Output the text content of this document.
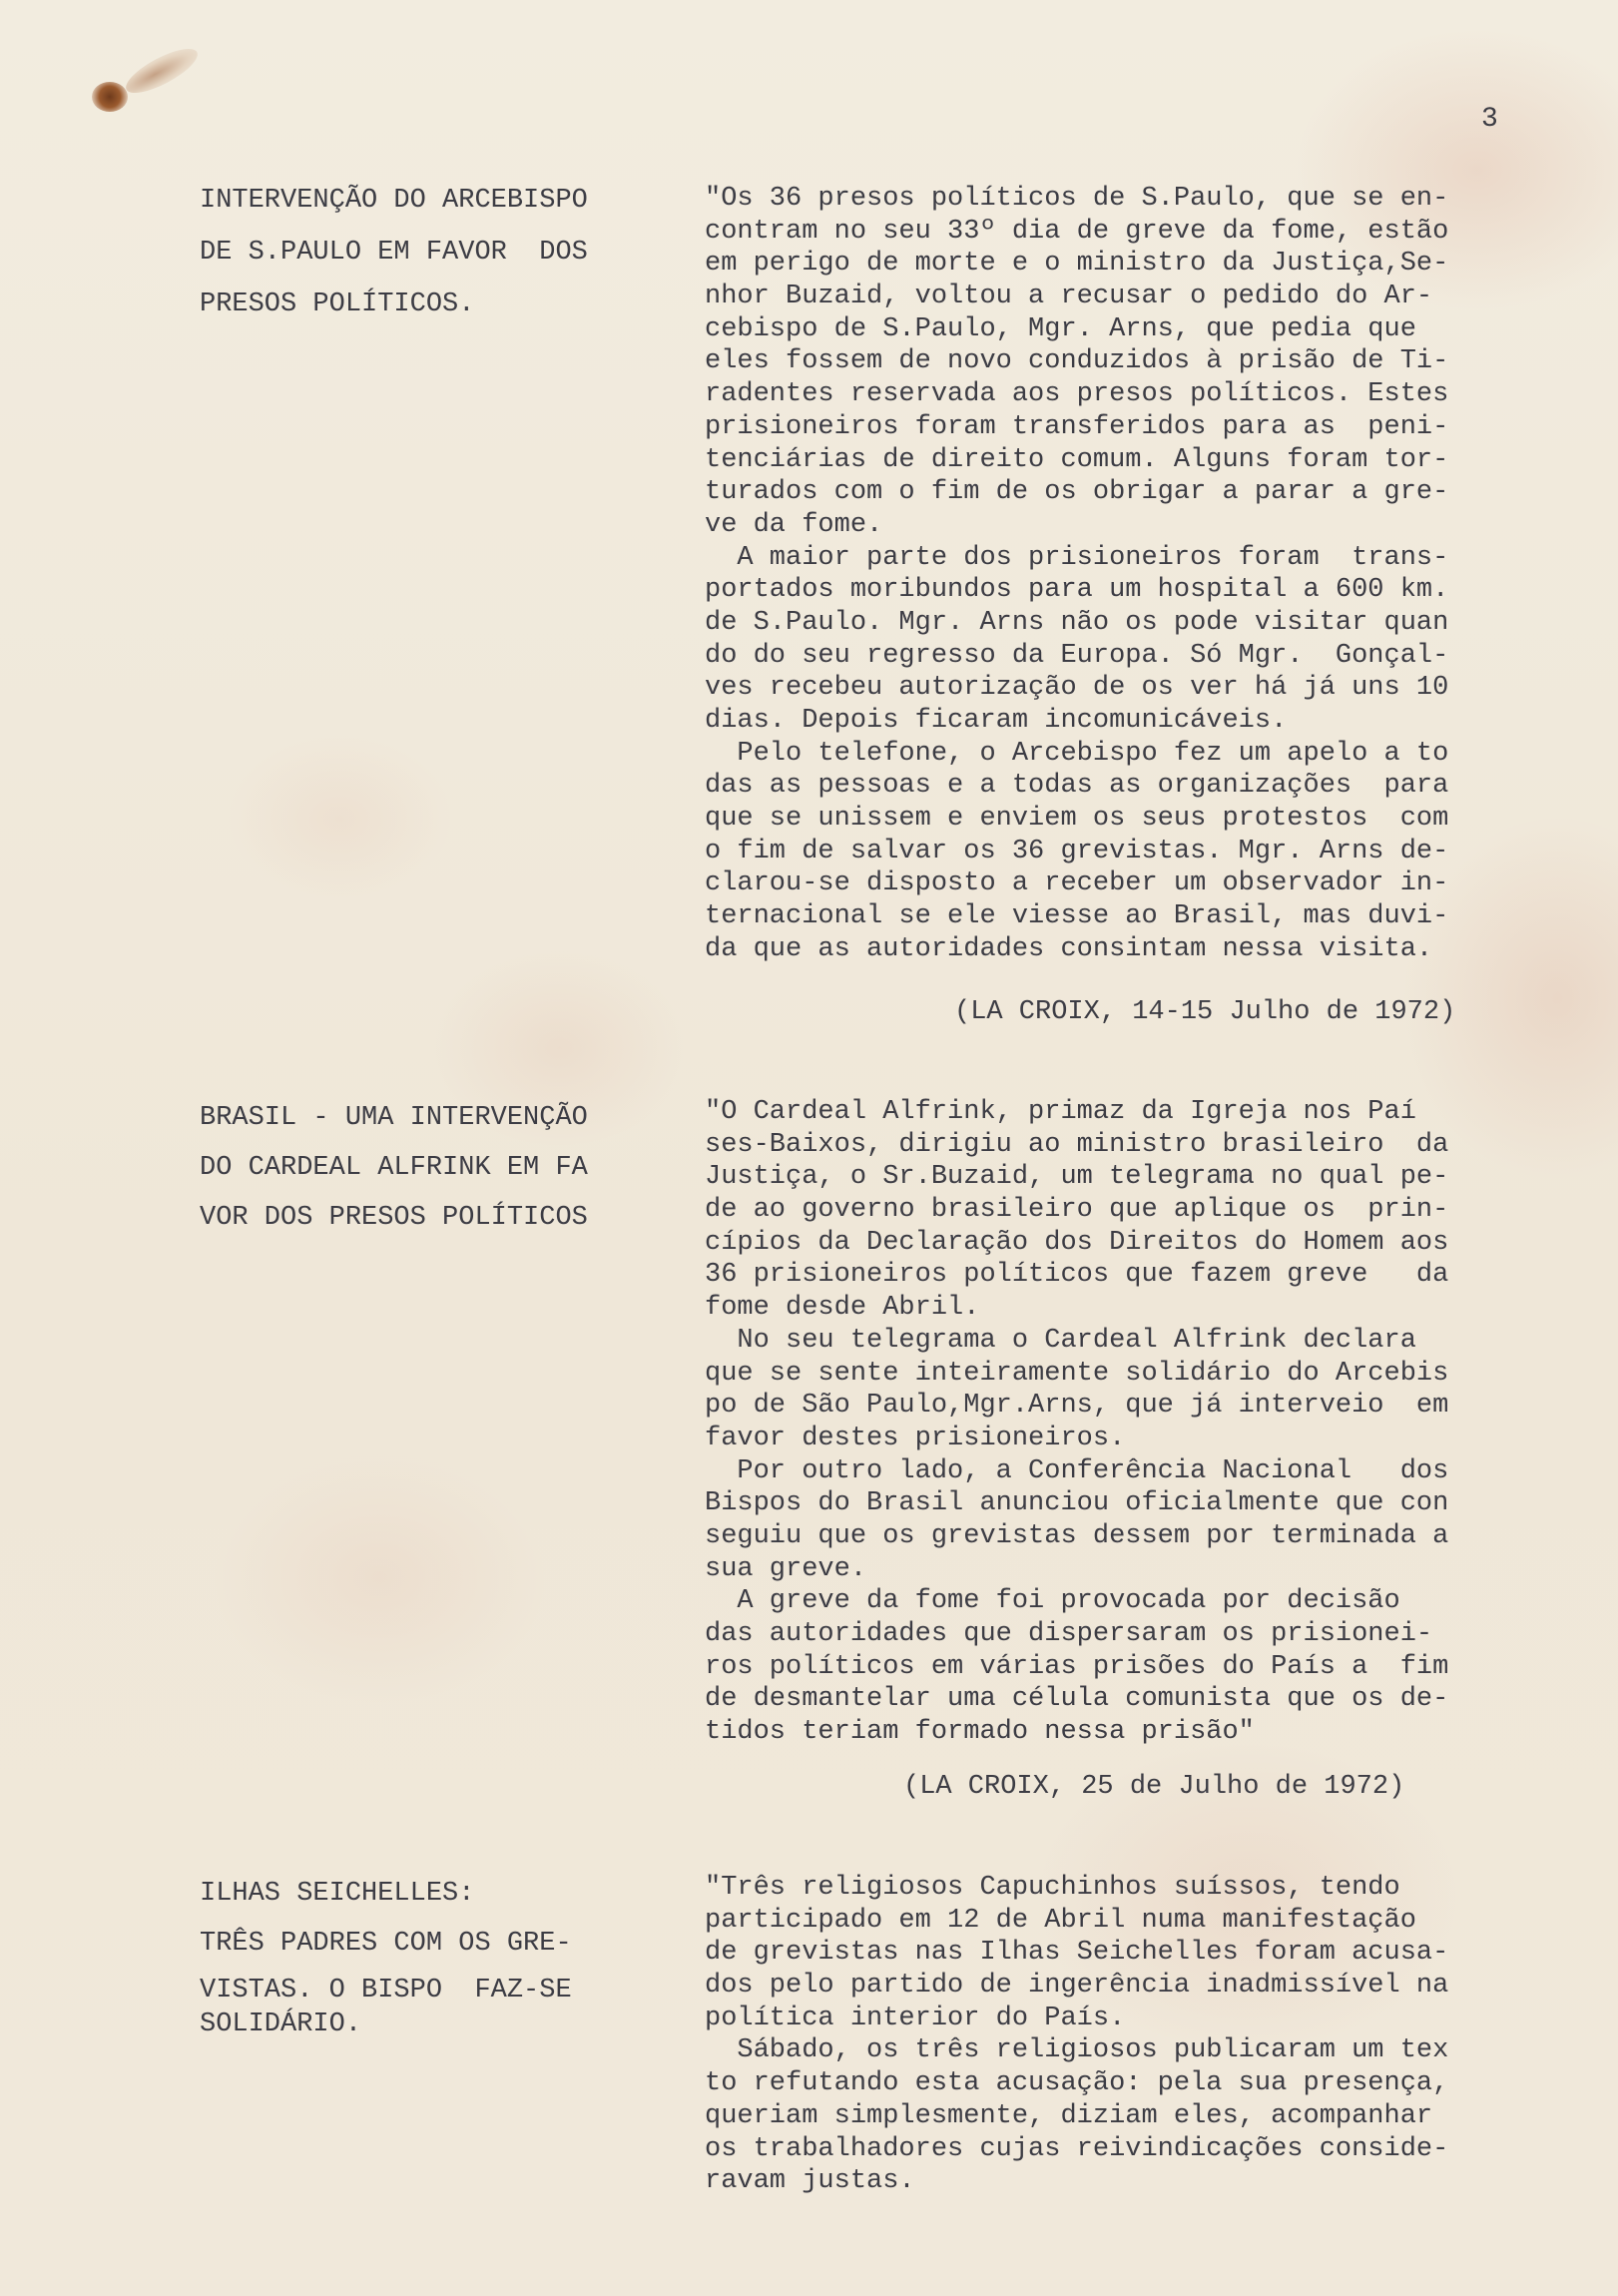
3
INTERVENÇÃO DO ARCEBISPO
DE S.PAULO EM FAVOR  DOS
PRESOS POLÍTICOS.
"Os 36 presos políticos de S.Paulo, que se en-
contram no seu 33º dia de greve da fome, estão
em perigo de morte e o ministro da Justiça,Se-
nhor Buzaid, voltou a recusar o pedido do Ar-
cebispo de S.Paulo, Mgr. Arns, que pedia que
eles fossem de novo conduzidos à prisão de Ti-
radentes reservada aos presos políticos. Estes
prisioneiros foram transferidos para as  peni-
tenciárias de direito comum. Alguns foram tor-
turados com o fim de os obrigar a parar a gre-
ve da fome.
A maior parte dos prisioneiros foram  trans-
portados moribundos para um hospital a 600 km.
de S.Paulo. Mgr. Arns não os pode visitar quan
do do seu regresso da Europa. Só Mgr.  Gonçal-
ves recebeu autorização de os ver há já uns 10
dias. Depois ficaram incomunicáveis.
Pelo telefone, o Arcebispo fez um apelo a to
das as pessoas e a todas as organizações  para
que se unissem e enviem os seus protestos  com
o fim de salvar os 36 grevistas. Mgr. Arns de-
clarou-se disposto a receber um observador in-
ternacional se ele viesse ao Brasil, mas duvi-
da que as autoridades consintam nessa visita.
(LA CROIX, 14-15 Julho de 1972)
BRASIL - UMA INTERVENÇÃO
DO CARDEAL ALFRINK EM FA
VOR DOS PRESOS POLÍTICOS
"O Cardeal Alfrink, primaz da Igreja nos Paí
ses-Baixos, dirigiu ao ministro brasileiro  da
Justiça, o Sr.Buzaid, um telegrama no qual pe-
de ao governo brasileiro que aplique os  prin-
cípios da Declaração dos Direitos do Homem aos
36 prisioneiros políticos que fazem greve   da
fome desde Abril.
No seu telegrama o Cardeal Alfrink declara
que se sente inteiramente solidário do Arcebis
po de São Paulo,Mgr.Arns, que já interveio  em
favor destes prisioneiros.
Por outro lado, a Conferência Nacional   dos
Bispos do Brasil anunciou oficialmente que con
seguiu que os grevistas dessem por terminada a
sua greve.
A greve da fome foi provocada por decisão
das autoridades que dispersaram os prisionei-
ros políticos em várias prisões do País a  fim
de desmantelar uma célula comunista que os de-
tidos teriam formado nessa prisão"
(LA CROIX, 25 de Julho de 1972)
ILHAS SEICHELLES:
TRÊS PADRES COM OS GRE-
VISTAS. O BISPO  FAZ-SE
SOLIDÁRIO.
"Três religiosos Capuchinhos suíssos, tendo
participado em 12 de Abril numa manifestação
de grevistas nas Ilhas Seichelles foram acusa-
dos pelo partido de ingerência inadmissível na
política interior do País.
Sábado, os três religiosos publicaram um tex
to refutando esta acusação: pela sua presença,
queriam simplesmente, diziam eles, acompanhar
os trabalhadores cujas reivindicações conside-
ravam justas.
